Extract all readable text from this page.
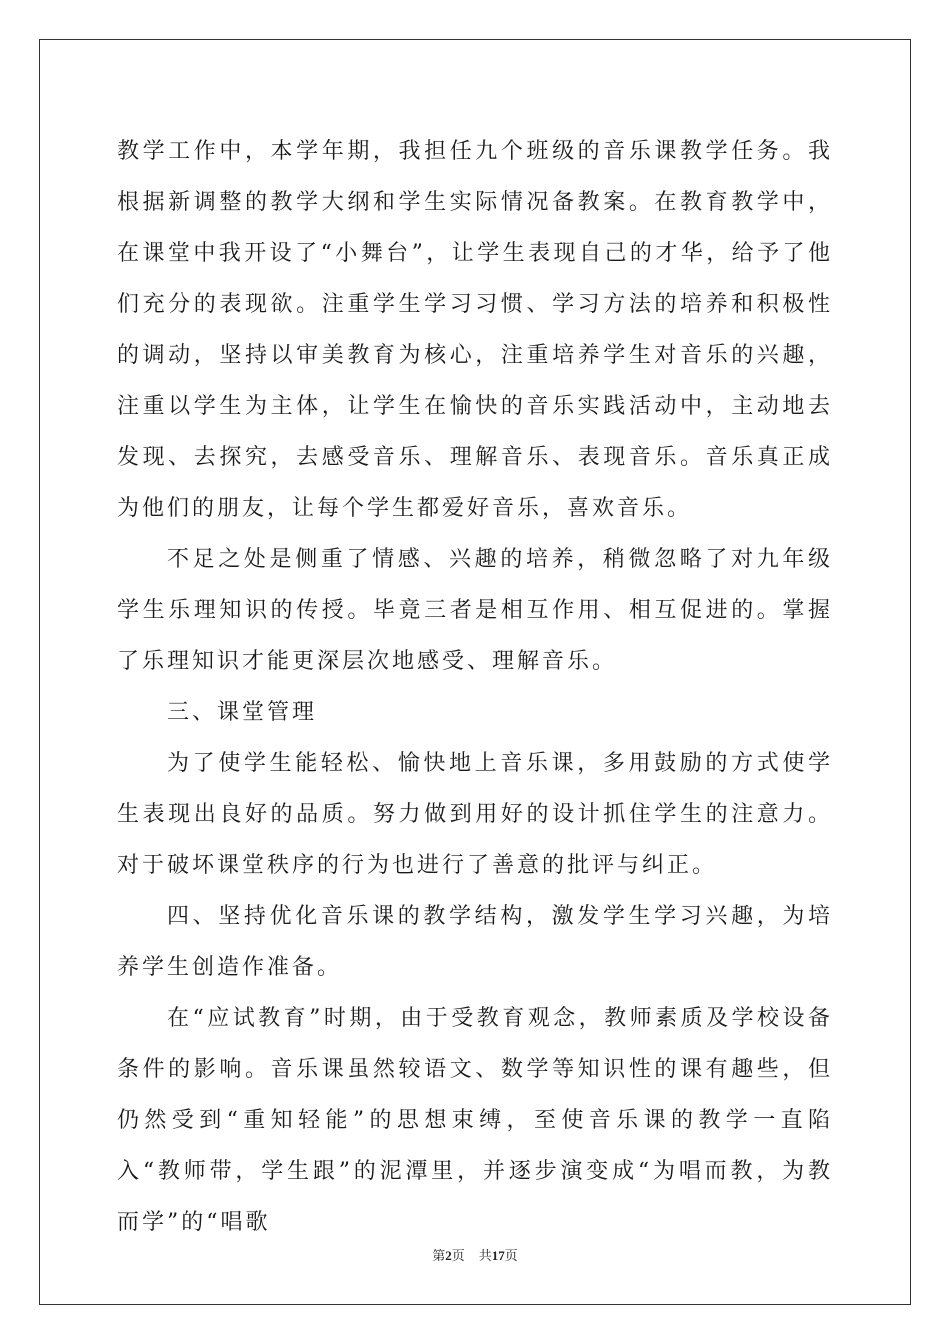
教学工作中，本学年期，我担任九个班级的音乐课教学任务。我根据新调整的教学大纲和学生实际情况备教案。在教育教学中，在课堂中我开设了“小舞台”，让学生表现自己的才华，给予了他们充分的表现欲。注重学生学习习惯、学习方法的培养和积极性的调动，坚持以审美教育为核心，注重培养学生对音乐的兴趣，注重以学生为主体，让学生在愉快的音乐实践活动中，主动地去发现、去探究，去感受音乐、理解音乐、表现音乐。音乐真正成为他们的朋友，让每个学生都爱好音乐，喜欢音乐。

不足之处是侧重了情感、兴趣的培养，稍微忽略了对九年级学生乐理知识的传授。毕竟三者是相互作用、相互促进的。掌握了乐理知识才能更深层次地感受、理解音乐。

三、课堂管理

为了使学生能轻松、愉快地上音乐课，多用鼓励的方式使学生表现出良好的品质。努力做到用好的设计抓住学生的注意力。对于破坏课堂秩序的行为也进行了善意的批评与纠正。

四、坚持优化音乐课的教学结构，激发学生学习兴趣，为培养学生创造作准备。

在“应试教育”时期，由于受教育观念，教师素质及学校设备条件的影响。音乐课虽然较语文、数学等知识性的课有趣些，但仍然受到“重知轻能”的思想束缚，至使音乐课的教学一直陷入“教师带，学生跟”的泥潭里，并逐步演变成“为唱而教，为教而学”的“唱歌

第2页 共17页
